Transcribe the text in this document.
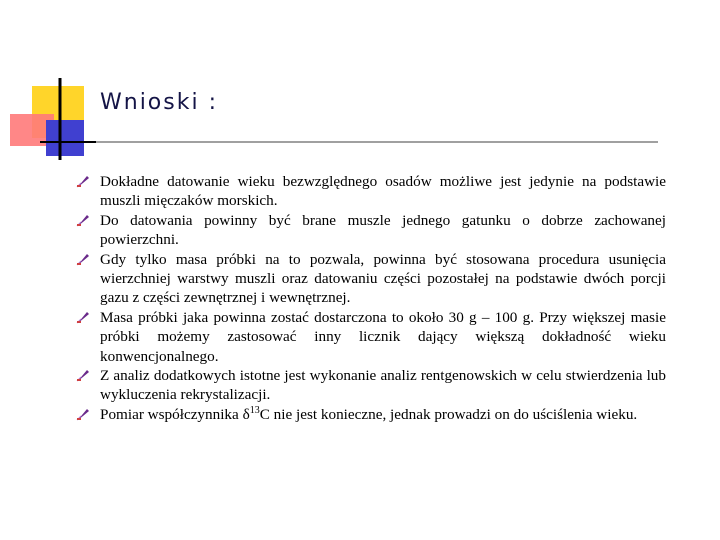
Wnioski :
Dokładne datowanie wieku bezwzględnego osadów możliwe jest jedynie na podstawie muszli mięczaków morskich.
Do datowania powinny być brane muszle jednego gatunku o dobrze zachowanej powierzchni.
Gdy tylko masa próbki na to pozwala, powinna być stosowana procedura usunięcia wierzchniej warstwy muszli oraz datowaniu części pozostałej na podstawie dwóch porcji gazu z części zewnętrznej i wewnętrznej.
Masa próbki jaka powinna zostać dostarczona to około 30 g – 100 g. Przy większej masie próbki możemy zastosować inny licznik dający większą dokładność wieku konwencjonalnego.
Z analiz dodatkowych istotne jest wykonanie analiz rentgenowskich w celu stwierdzenia lub wykluczenia rekrystalizacji.
Pomiar współczynnika $\delta^{13}C$ nie jest konieczne, jednak prowadzi on do uściślenia wieku.
